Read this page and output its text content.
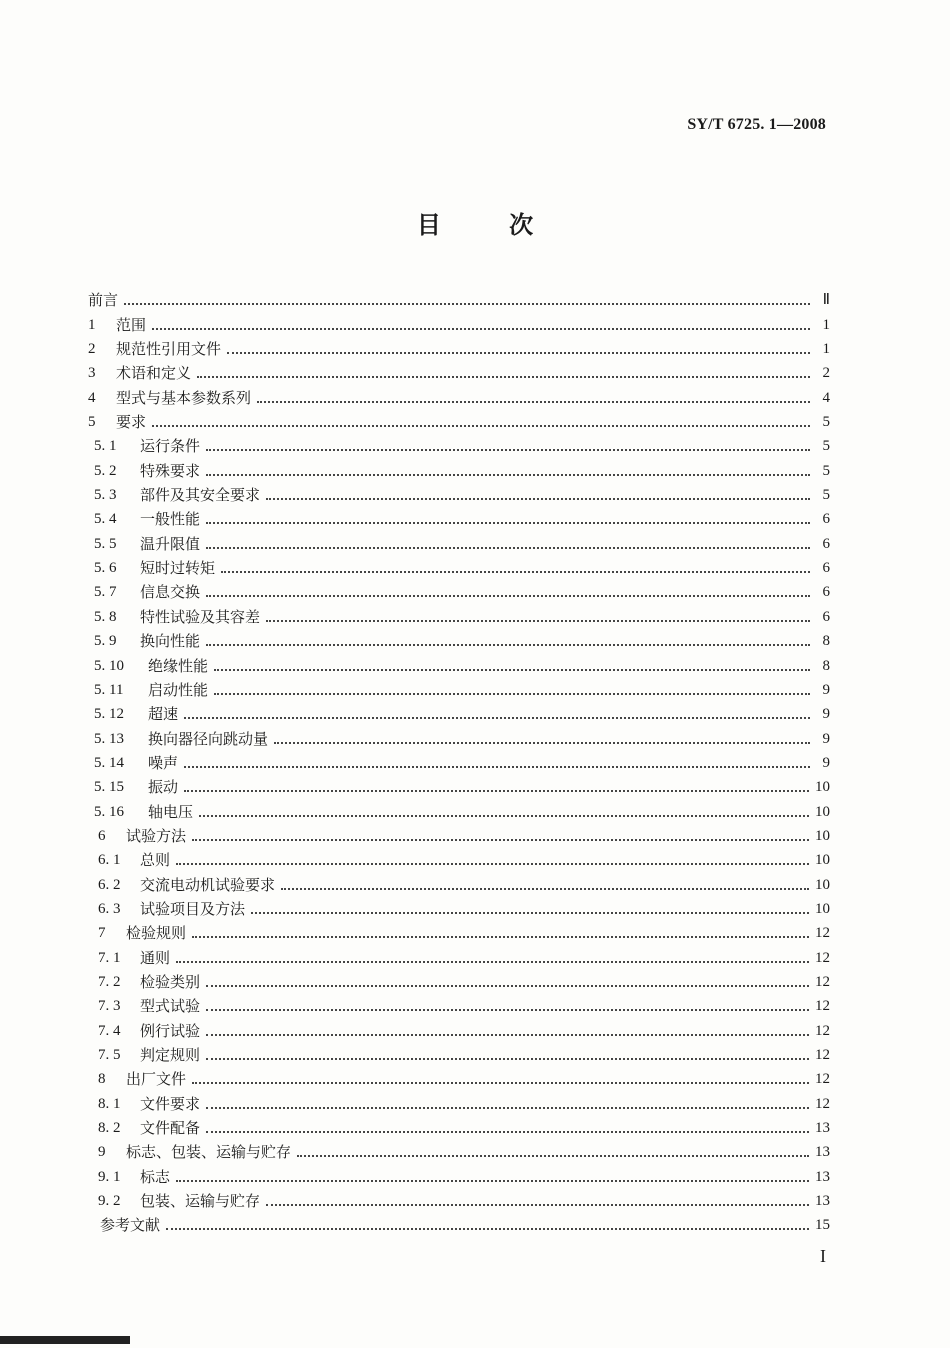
SY/T 6725. 1—2008
目	次
前言	Ⅱ
1	范围	1
2	规范性引用文件	1
3	术语和定义	2
4	型式与基本参数系列	4
5	要求	5
5. 1	运行条件	5
5. 2	特殊要求	5
5. 3	部件及其安全要求	5
5. 4	一般性能	6
5. 5	温升限值	6
5. 6	短时过转矩	6
5. 7	信息交换	6
5. 8	特性试验及其容差	6
5. 9	换向性能	8
5. 10	绝缘性能	8
5. 11	启动性能	9
5. 12	超速	9
5. 13	换向器径向跳动量	9
5. 14	噪声	9
5. 15	振动	10
5. 16	轴电压	10
6	试验方法	10
6. 1	总则	10
6. 2	交流电动机试验要求	10
6. 3	试验项目及方法	10
7	检验规则	12
7. 1	通则	12
7. 2	检验类别	12
7. 3	型式试验	12
7. 4	例行试验	12
7. 5	判定规则	12
8	出厂文件	12
8. 1	文件要求	12
8. 2	文件配备	13
9	标志、包装、运输与贮存	13
9. 1	标志	13
9. 2	包装、运输与贮存	13
参考文献	15
I
